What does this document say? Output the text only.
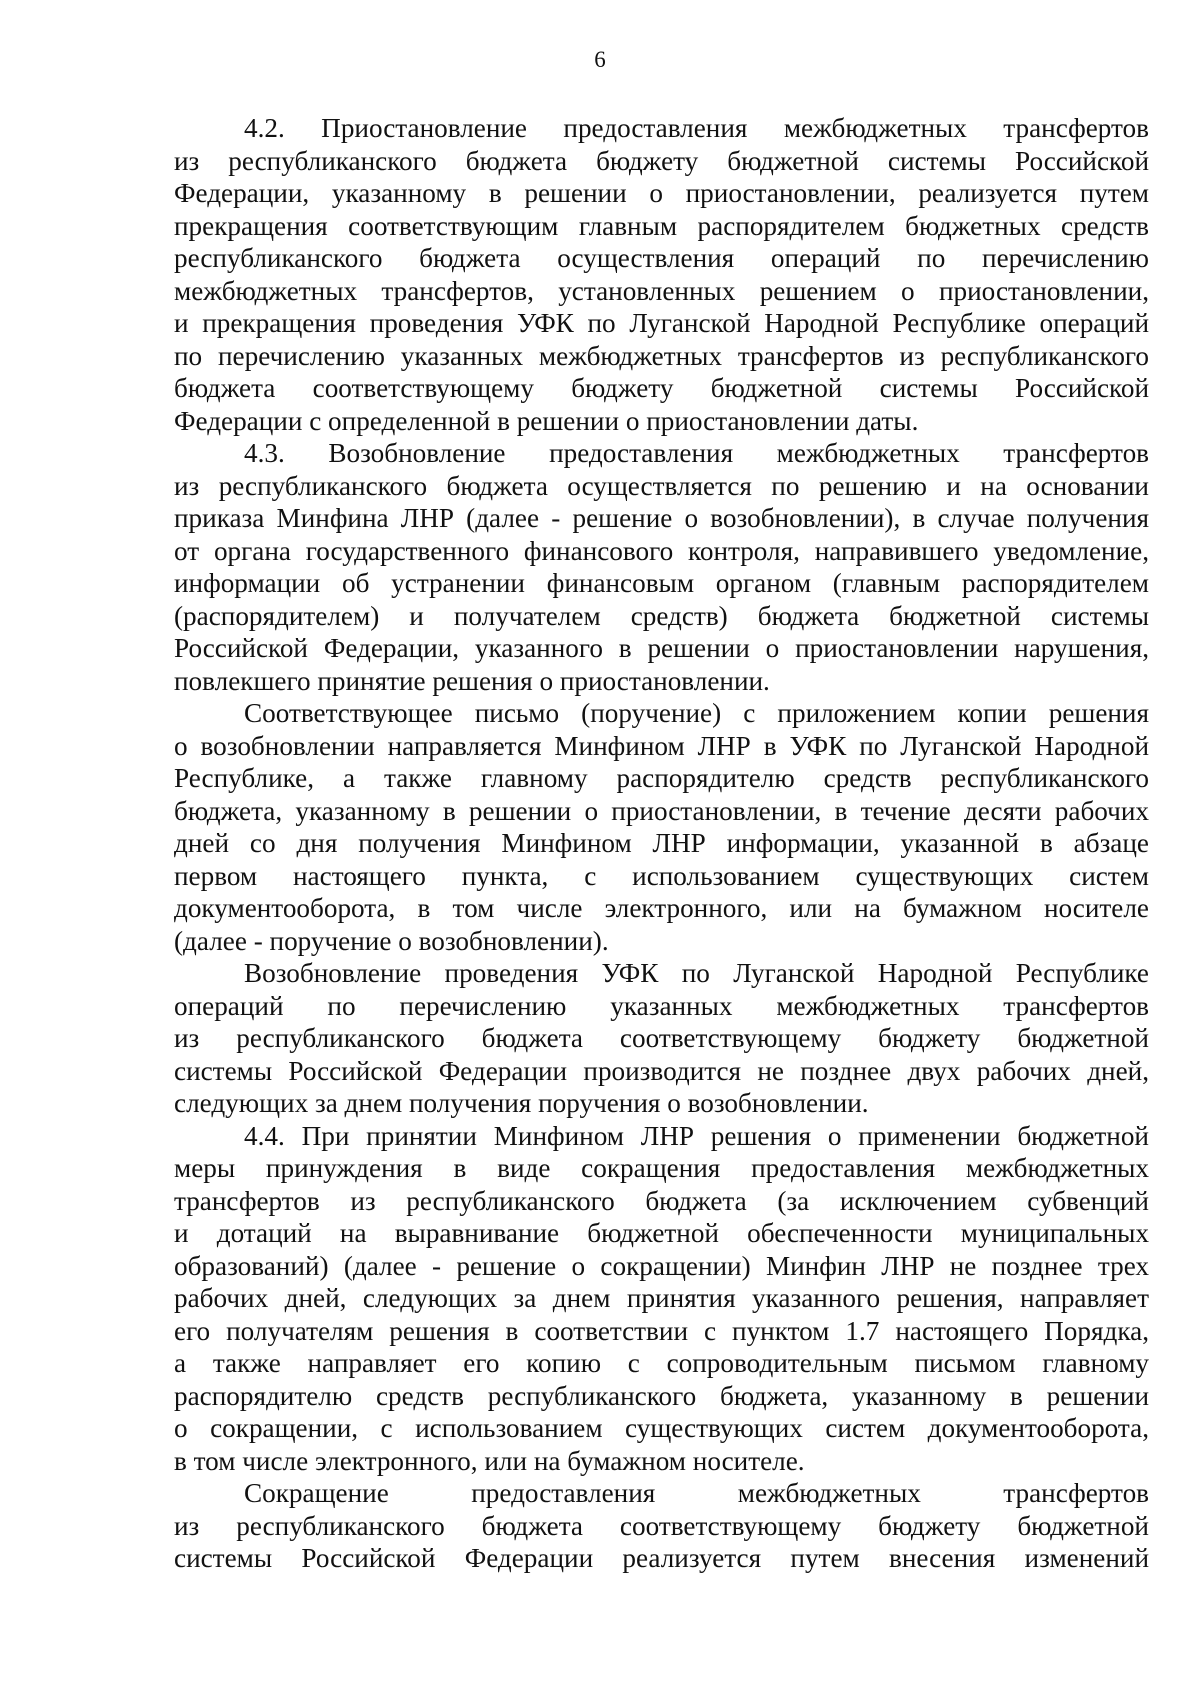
6
4.2. Приостановление предоставления межбюджетных трансфертов
из республиканского бюджета бюджету бюджетной системы Российской
Федерации, указанному в решении о приостановлении, реализуется путем
прекращения соответствующим главным распорядителем бюджетных средств
республиканского бюджета осуществления операций по перечислению
межбюджетных трансфертов, установленных решением о приостановлении,
и прекращения проведения УФК по Луганской Народной Республике операций
по перечислению указанных межбюджетных трансфертов из республиканского
бюджета соответствующему бюджету бюджетной системы Российской
Федерации с определенной в решении о приостановлении даты.
4.3. Возобновление предоставления межбюджетных трансфертов
из республиканского бюджета осуществляется по решению и на основании
приказа Минфина ЛНР (далее - решение о возобновлении), в случае получения
от органа государственного финансового контроля, направившего уведомление,
информации об устранении финансовым органом (главным распорядителем
(распорядителем) и получателем средств) бюджета бюджетной системы
Российской Федерации, указанного в решении о приостановлении нарушения,
повлекшего принятие решения о приостановлении.
Соответствующее письмо (поручение) с приложением копии решения
о возобновлении направляется Минфином ЛНР в УФК по Луганской Народной
Республике, а также главному распорядителю средств республиканского
бюджета, указанному в решении о приостановлении, в течение десяти рабочих
дней со дня получения Минфином ЛНР информации, указанной в абзаце
первом настоящего пункта, с использованием существующих систем
документооборота, в том числе электронного, или на бумажном носителе
(далее - поручение о возобновлении).
Возобновление проведения УФК по Луганской Народной Республике
операций по перечислению указанных межбюджетных трансфертов
из республиканского бюджета соответствующему бюджету бюджетной
системы Российской Федерации производится не позднее двух рабочих дней,
следующих за днем получения поручения о возобновлении.
4.4. При принятии Минфином ЛНР решения о применении бюджетной
меры принуждения в виде сокращения предоставления межбюджетных
трансфертов из республиканского бюджета (за исключением субвенций
и дотаций на выравнивание бюджетной обеспеченности муниципальных
образований) (далее - решение о сокращении) Минфин ЛНР не позднее трех
рабочих дней, следующих за днем принятия указанного решения, направляет
его получателям решения в соответствии с пунктом 1.7 настоящего Порядка,
а также направляет его копию с сопроводительным письмом главному
распорядителю средств республиканского бюджета, указанному в решении
о сокращении, с использованием существующих систем документооборота,
в том числе электронного, или на бумажном носителе.
Сокращение предоставления межбюджетных трансфертов
из республиканского бюджета соответствующему бюджету бюджетной
системы Российской Федерации реализуется путем внесения изменений
